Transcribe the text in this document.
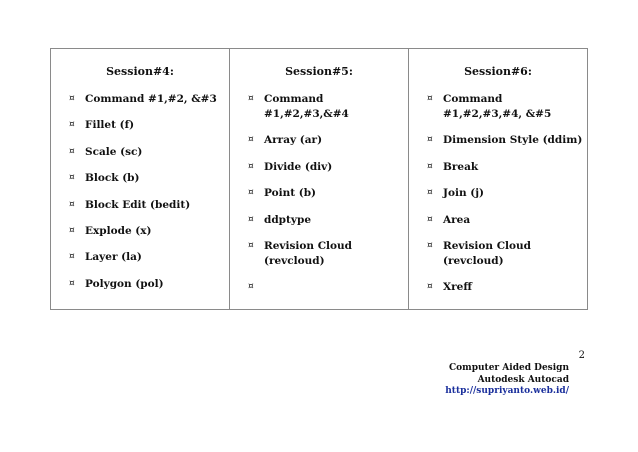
Session#4:
¤ Command #1,#2, &#3
¤ Fillet (f)
¤ Scale (sc)
¤ Block (b)
¤ Block Edit (bedit)
¤ Explode (x)
¤ Layer (la)
¤ Polygon (pol)
Session#5:
¤ Command #1,#2,#3,&#4
¤ Array (ar)
¤ Divide (div)
¤ Point (b)
¤ ddptype
¤ Revision Cloud (revcloud)
¤
Session#6:
¤ Command #1,#2,#3,#4, &#5
¤ Dimension Style (ddim)
¤ Break
¤ Join (j)
¤ Area
¤ Revision Cloud (revcloud)
¤ Xreff
2
Computer Aided Design
Autodesk Autocad
http://supriyanto.web.id/
